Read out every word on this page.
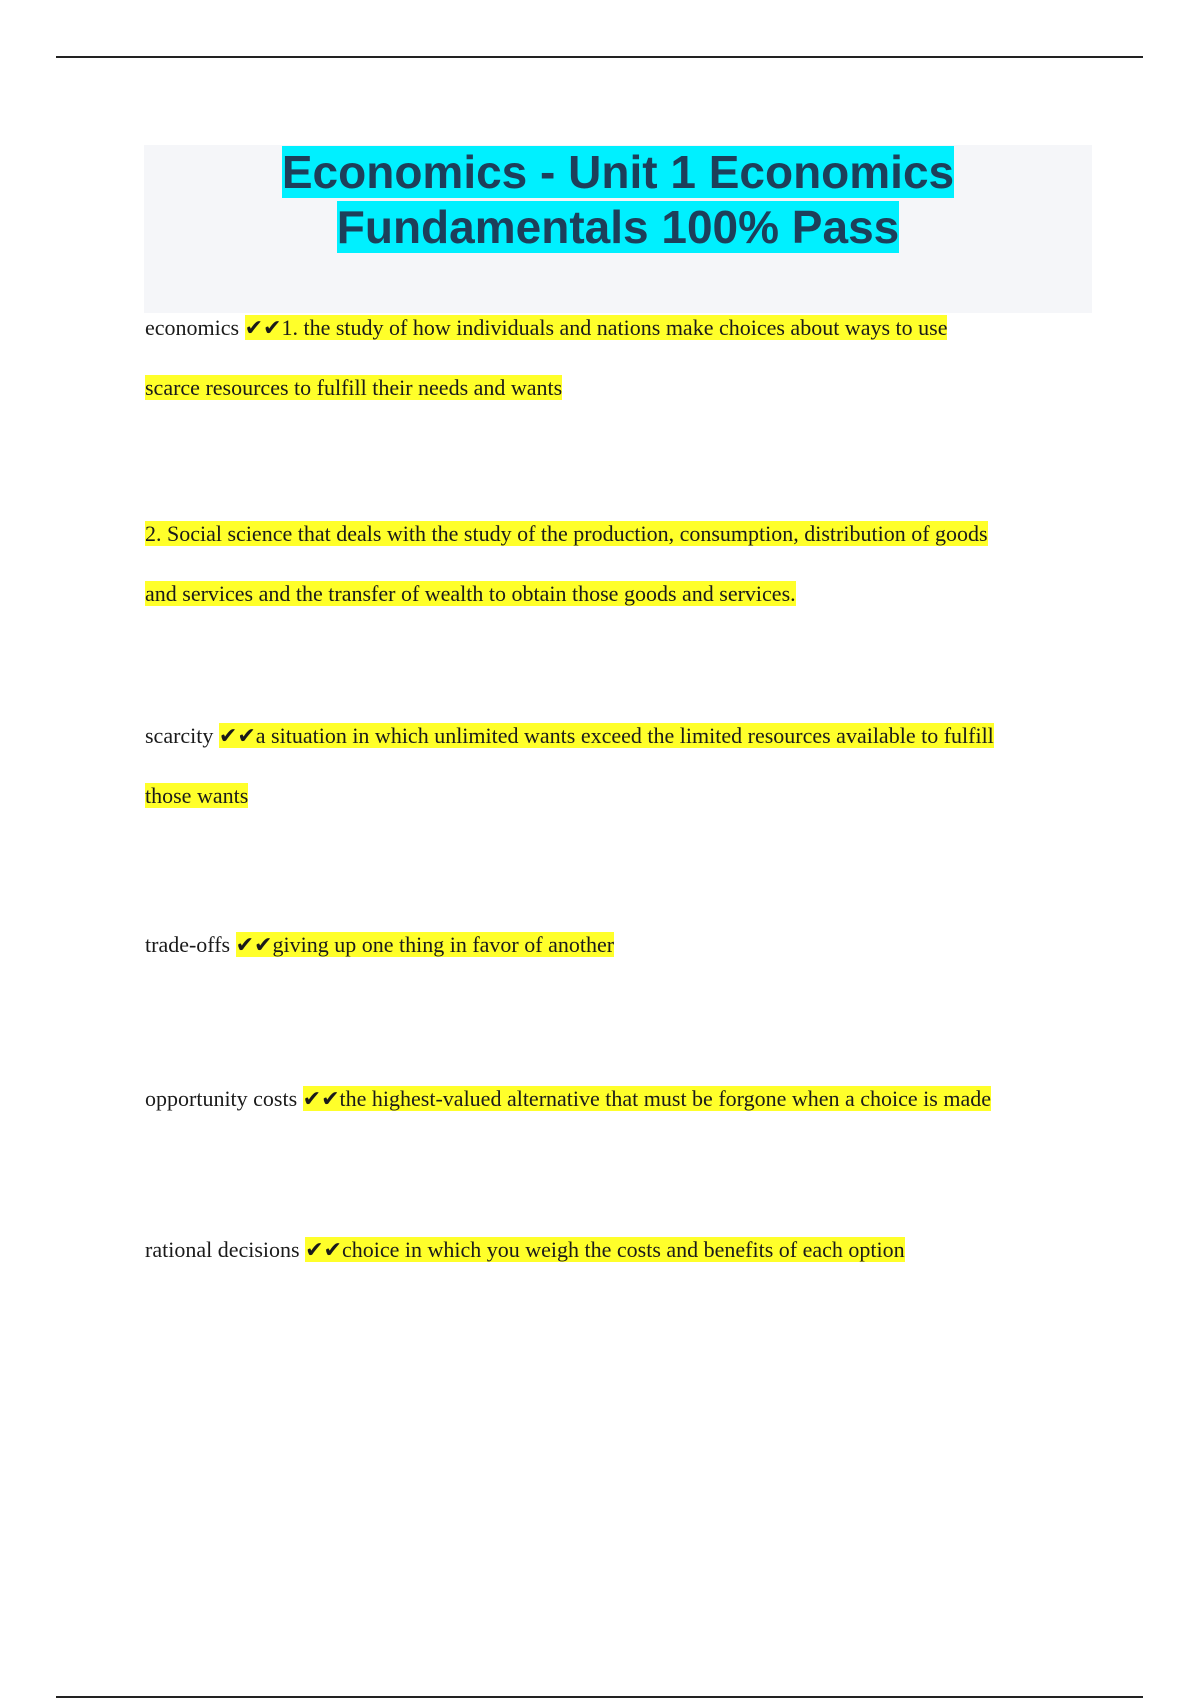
Economics - Unit 1 Economics
Fundamentals 100% Pass
economics ✔✔1. the study of how individuals and nations make choices about ways to use
scarce resources to fulfill their needs and wants
2. Social science that deals with the study of the production, consumption, distribution of goods
and services and the transfer of wealth to obtain those goods and services.
scarcity ✔✔a situation in which unlimited wants exceed the limited resources available to fulfill
those wants
trade-offs ✔✔giving up one thing in favor of another
opportunity costs ✔✔the highest-valued alternative that must be forgone when a choice is made
rational decisions ✔✔choice in which you weigh the costs and benefits of each option
